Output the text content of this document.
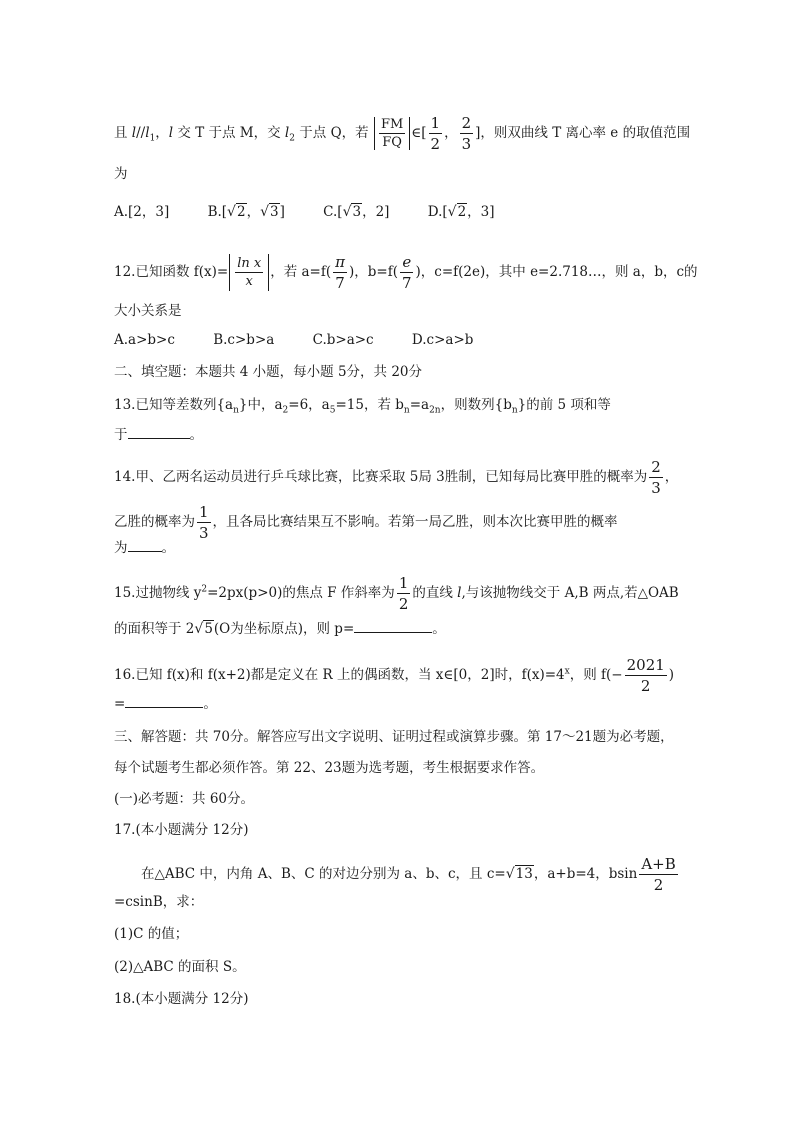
且 $l//l_1$，l 交 T 于点 M，交 $l_2$ 于点 Q，若 $\frac{FM}{FQ}$ ∈[ $\frac{1}{2}$ ， $\frac{2}{3}$ ]，则双曲线 T 离心率 e 的取值范围
为
A.[2，3]	B.[√2，√3]	C.[√3，2]	D.[√2，3]
12.已知函数 $f(x)= \frac{\text{ln x}}{x}$ ，若 $a=f( \frac{\pi}{7}$ )，$b=f( \frac{e}{7}$ )，c=f(2e)，其中 e=2.718…，则 a，b，c的
大小关系是
A.a>b>c	B.c>b>a	C.b>a>c	D.c>a>b
二、填空题：本题共 4 小题，每小题 5分，共 20分
13.已知等差数列$\{a_n\}$中，$a_2=6$，$a_5=15$，若 $b_n=a_{2n}$，则数列$\{b_n\}$的前 5 项和等
于	。
14.甲、乙两名运动员进行乒乓球比赛，比赛采取 5局 3胜制，已知每局比赛甲胜的概率为 $\frac{2}{3}$ ，
乙胜的概率为 $\frac{1}{3}$ ，且各局比赛结果互不影响。若第一局乙胜，则本次比赛甲胜的概率
为	。
15.过抛物线 $y^2=2px(p>0)$的焦点 F 作斜率为 $\frac{1}{2}$ 的直线 l,与该抛物线交于 A,B 两点,若△OAB
的面积等于 2√5(O为坐标原点)，则 p=	。
16.已知 f(x)和 f(x+2)都是定义在 R 上的偶函数，当 x∈[0，2]时，$f(x)=4^x$，则 $f(- \frac{2021}{2}$ )
=	。
三、解答题：共 70分。解答应写出文字说明、证明过程或演算步骤。第 17～21题为必考题，
每个试题考生都必须作答。第 22、23题为选考题，考生根据要求作答。
(一)必考题：共 60分。
17.(本小题满分 12分)
在△ABC 中，内角 A、B、C 的对边分别为 a、b、c，且 c=√13，a+b=4，bsin $\frac{A+B}{2}$
=csinB，求：
(1)C 的值；
(2)△ABC 的面积 S。
18.(本小题满分 12分)
